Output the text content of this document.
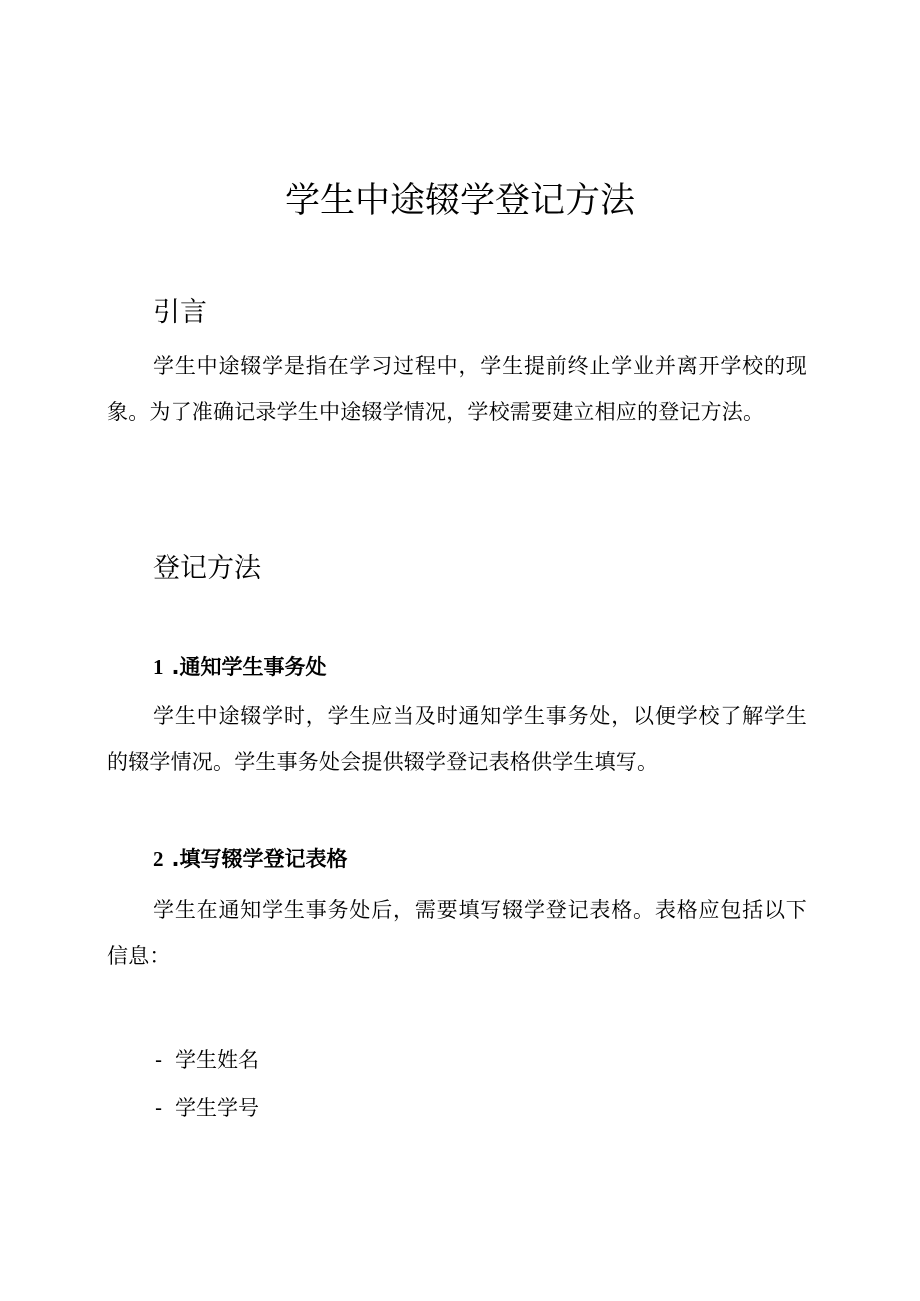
学生中途辍学登记方法
引言

学生中途辍学是指在学习过程中，学生提前终止学业并离开学校的现象。为了准确记录学生中途辍学情况，学校需要建立相应的登记方法。

登记方法
1 .通知学生事务处

学生中途辍学时，学生应当及时通知学生事务处，以便学校了解学生的辍学情况。学生事务处会提供辍学登记表格供学生填写。

2 .填写辍学登记表格

学生在通知学生事务处后，需要填写辍学登记表格。表格应包括以下信息：

- 学生姓名
- 学生学号
